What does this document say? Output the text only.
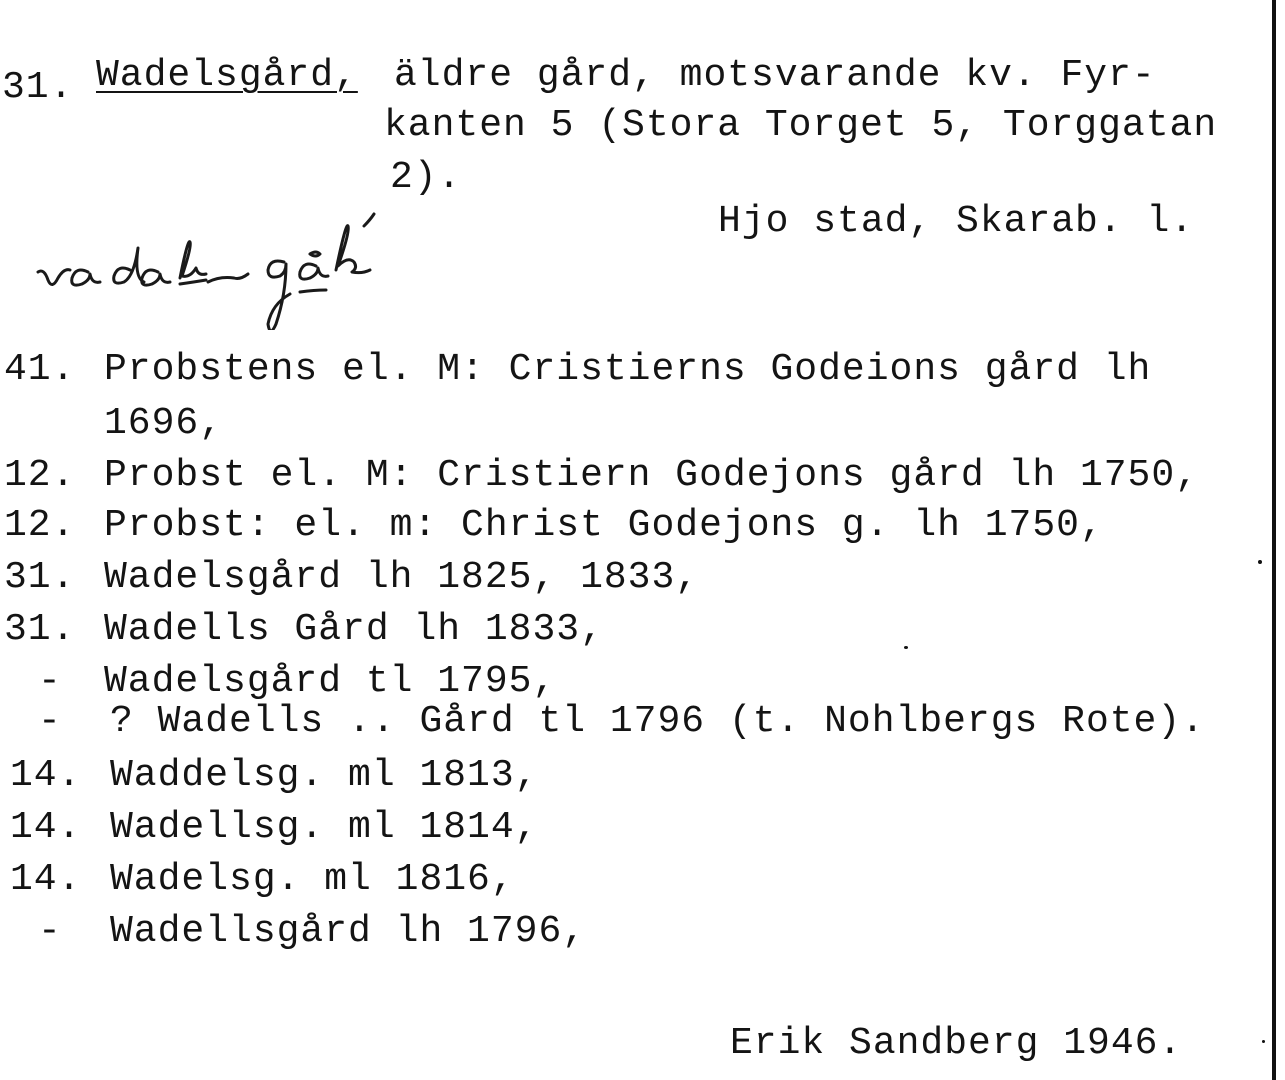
31. Wadelsgård, äldre gård, motsvarande kv. Fyr-
kanten 5 (Stora Torget 5, Torggatan
2).
Hjo stad, Skarab. l.
41. Probstens el. M: Cristierns Godeions gård lh
1696,
12. Probst el. M: Cristiern Godejons gård lh 1750,
12. Probst: el. m: Christ Godejons g. lh 1750,
31. Wadelsgård lh 1825, 1833,
31. Wadells Gård lh 1833,
- Wadelsgård tl 1795,
- ? Wadells .. Gård tl 1796 (t. Nohlbergs Rote).
14. Waddelsg. ml 1813,
14. Wadellsg. ml 1814,
14. Wadelsg. ml 1816,
- Wadellsgård lh 1796,
Erik Sandberg 1946.
